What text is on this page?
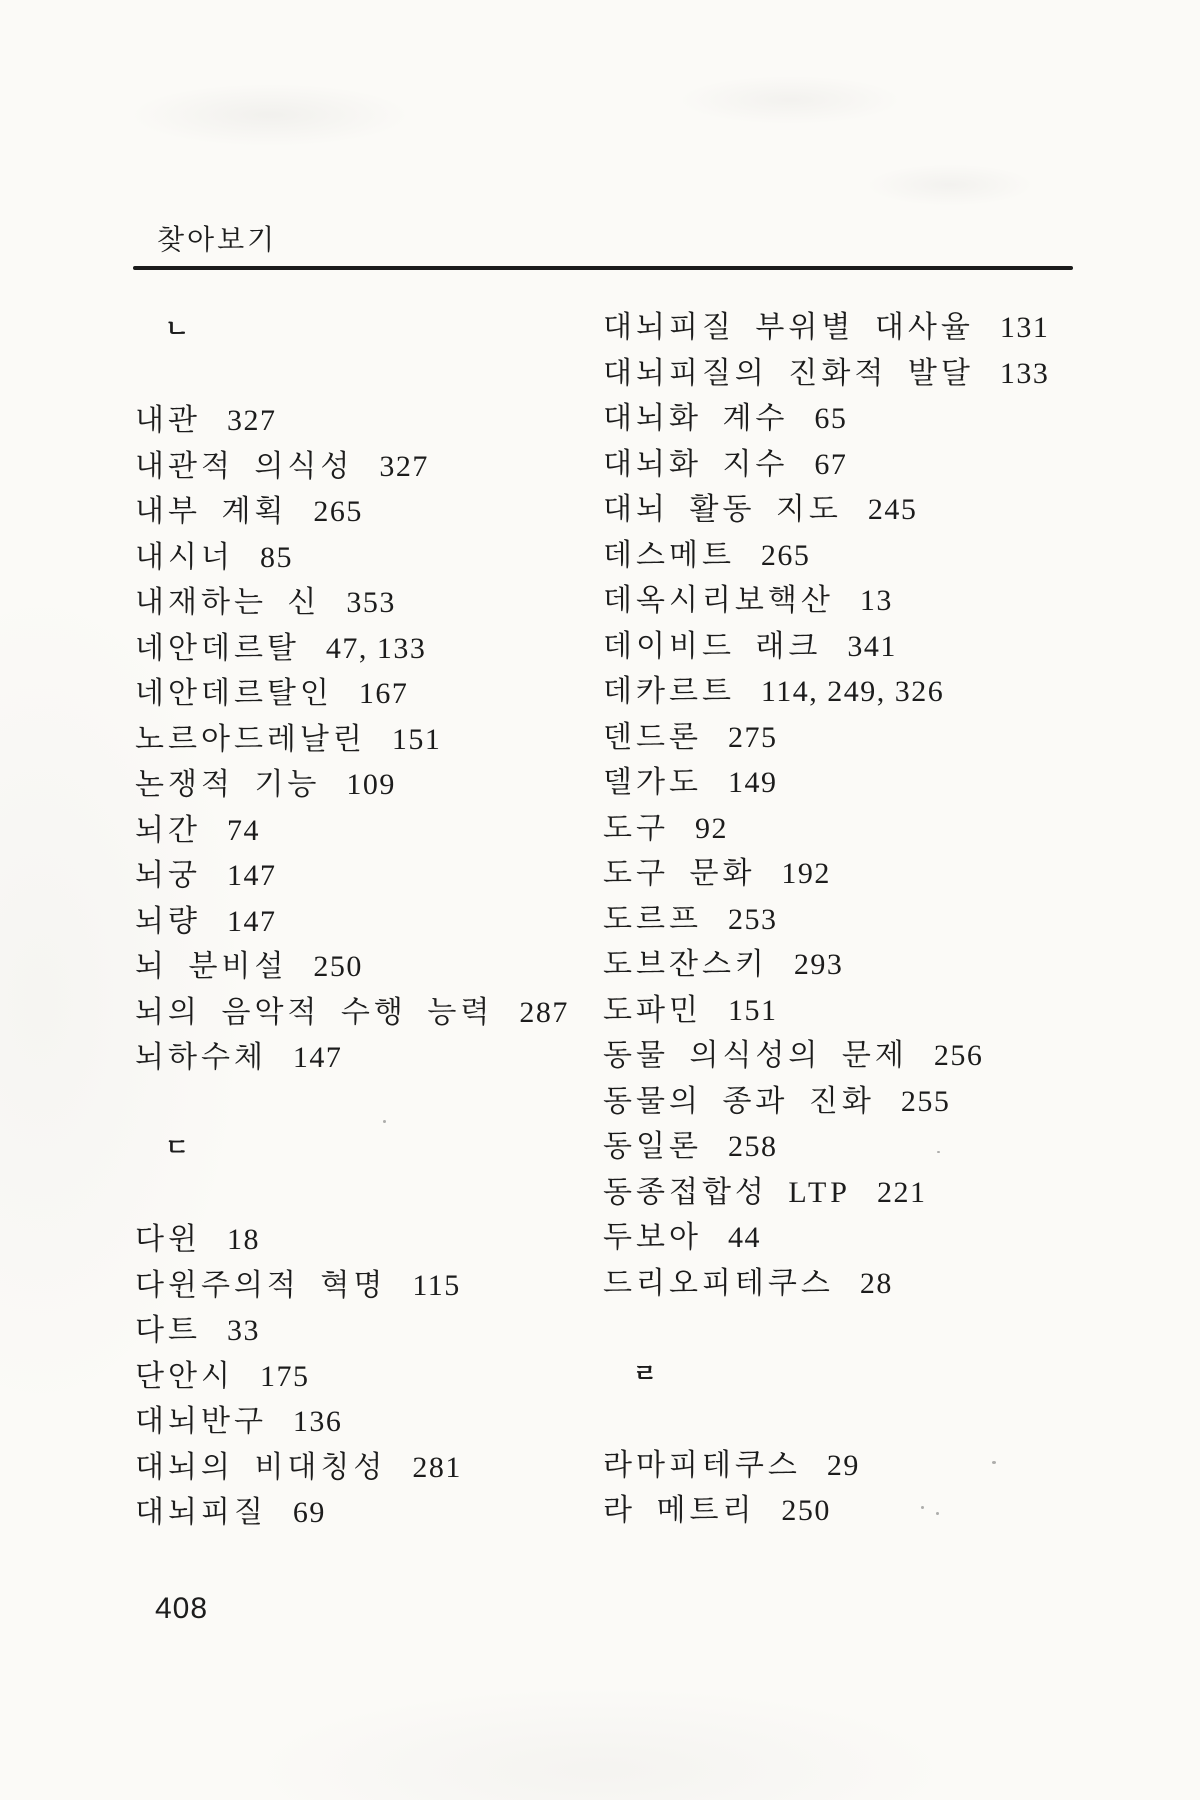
찾아보기
ㄴ
내관 327
내관적 의식성 327
내부 계획 265
내시너 85
내재하는 신 353
네안데르탈 47, 133
네안데르탈인 167
노르아드레날린 151
논쟁적 기능 109
뇌간 74
뇌궁 147
뇌량 147
뇌 분비설 250
뇌의 음악적 수행 능력 287
뇌하수체 147
ㄷ
다윈 18
다윈주의적 혁명 115
다트 33
단안시 175
대뇌반구 136
대뇌의 비대칭성 281
대뇌피질 69
대뇌피질 부위별 대사율 131
대뇌피질의 진화적 발달 133
대뇌화 계수 65
대뇌화 지수 67
대뇌 활동 지도 245
데스메트 265
데옥시리보핵산 13
데이비드 래크 341
데카르트 114, 249, 326
덴드론 275
델가도 149
도구 92
도구 문화 192
도르프 253
도브잔스키 293
도파민 151
동물 의식성의 문제 256
동물의 종과 진화 255
동일론 258
동종접합성 LTP 221
두보아 44
드리오피테쿠스 28
ㄹ
라마피테쿠스 29
라 메트리 250
408
